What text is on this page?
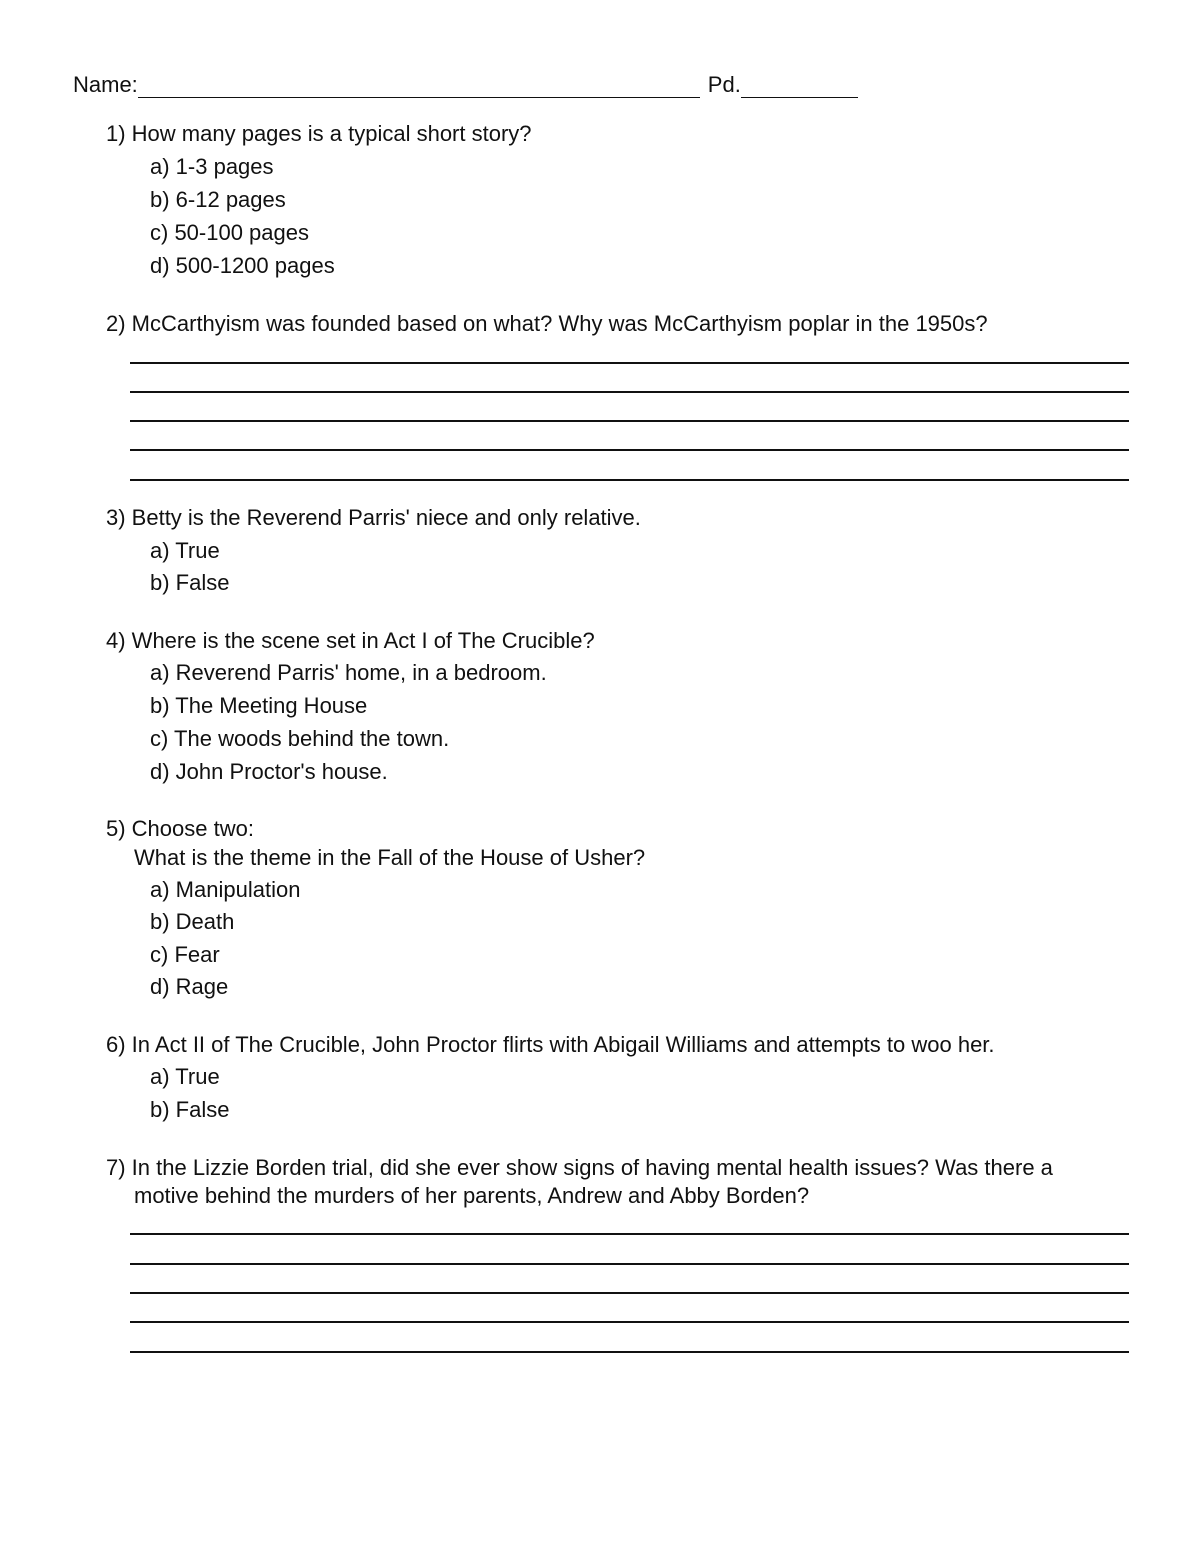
Name:	Pd.
1) How many pages is a typical short story?
a) 1-3 pages
b) 6-12 pages
c) 50-100 pages
d) 500-1200 pages
2) McCarthyism was founded based on what? Why was McCarthyism poplar in the 1950s?
3) Betty is the Reverend Parris' niece and only relative.
a) True
b) False
4) Where is the scene set in Act I of The Crucible?
a) Reverend Parris' home, in a bedroom.
b) The Meeting House
c) The woods behind the town.
d) John Proctor's house.
5) Choose two:
What is the theme in the Fall of the House of Usher?
a) Manipulation
b) Death
c) Fear
d) Rage
6) In Act II of The Crucible, John Proctor flirts with Abigail Williams and attempts to woo her.
a) True
b) False
7) In the Lizzie Borden trial, did she ever show signs of having mental health issues? Was there a
motive behind the murders of her parents, Andrew and Abby Borden?
